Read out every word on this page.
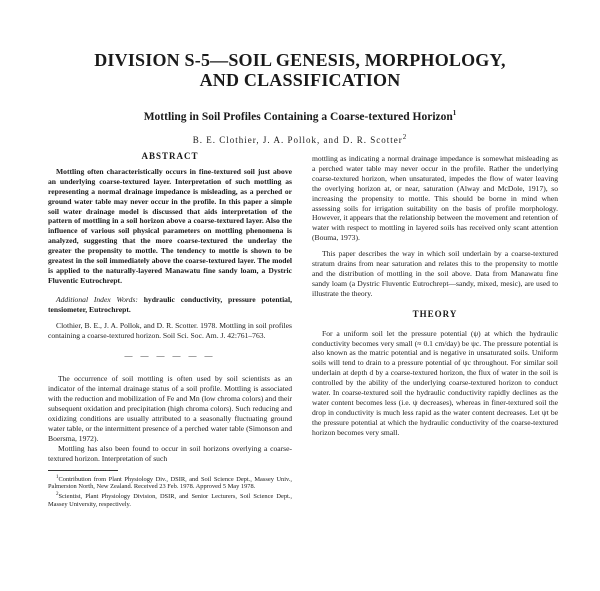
DIVISION S-5—SOIL GENESIS, MORPHOLOGY,
AND CLASSIFICATION
Mottling in Soil Profiles Containing a Coarse-textured Horizon$^1$
B. E. Clothier, J. A. Pollok, and D. R. Scotter$^2$
ABSTRACT

Mottling often characteristically occurs in fine-textured soil just above an underlying coarse-textured layer. Interpretation of such mottling as representing a normal drainage impedance is misleading, as a perched or ground water table may never occur in the profile. In this paper a simple soil water drainage model is discussed that aids interpretation of the pattern of mottling in a soil horizon above a coarse-textured layer. Also the influence of various soil physical parameters on mottling phenomena is analyzed, suggesting that the more coarse-textured the underlay the greater the propensity to mottle. The tendency to mottle is shown to be greatest in the soil immediately above the coarse-textured layer. The model is applied to the naturally-layered Manawatu fine sandy loam, a Dystric Fluventic Eutrochrept.

Additional Index Words: hydraulic conductivity, pressure potential, tensiometer, Eutrochrept.

Clothier, B. E., J. A. Pollok, and D. R. Scotter. 1978. Mottling in soil profiles containing a coarse-textured horizon. Soil Sci. Soc. Am. J. 42:761–763.

— — — — — —

The occurrence of soil mottling is often used by soil scientists as an indicator of the internal drainage status of a soil profile. Mottling is associated with the reduction and mobilization of Fe and Mn (low chroma colors) and their subsequent oxidation and precipitation (high chroma colors). Such reducing and oxidizing conditions are usually attributed to a seasonally fluctuating ground water table, or the intermittent presence of a perched water table (Simonson and Boersma, 1972).

Mottling has also been found to occur in soil horizons overlying a coarse-textured horizon. Interpretation of such

$^1$Contribution from Plant Physiology Div., DSIR, and Soil Science Dept., Massey Univ., Palmerston North, New Zealand. Received 23 Feb. 1978. Approved 5 May 1978.

$^2$Scientist, Plant Physiology Division, DSIR, and Senior Lecturers, Soil Science Dept., Massey University, respectively.

mottling as indicating a normal drainage impedance is somewhat misleading as a perched water table may never occur in the profile. Rather the underlying coarse-textured horizon, when unsaturated, impedes the flow of water leaving the overlying horizon at, or near, saturation (Alway and McDole, 1917), so increasing the propensity to mottle. This should be borne in mind when assessing soils for irrigation suitability on the basis of profile morphology. However, it appears that the relationship between the movement and retention of water with respect to mottling in layered soils has received only scant attention (Bouma, 1973).

This paper describes the way in which soil underlain by a coarse-textured stratum drains from near saturation and relates this to the propensity to mottle and the distribution of mottling in the soil above. Data from Manawatu fine sandy loam (a Dystric Fluventic Eutrochrept—sandy, mixed, mesic), are used to illustrate the theory.

THEORY

For a uniform soil let the pressure potential (ψ) at which the hydraulic conductivity becomes very small (≈ 0.1 cm/day) be ψc. The pressure potential is also known as the matric potential and is negative in unsaturated soils. Uniform soils will tend to drain to a pressure potential of ψc throughout. For similar soil underlain at depth d by a coarse-textured horizon, the flux of water in the soil is controlled by the ability of the underlying coarse-textured horizon to conduct water. In coarse-textured soil the hydraulic conductivity rapidly declines as the water content becomes less (i.e. ψ decreases), whereas in finer-textured soil the drop in conductivity is much less rapid as the water content decreases. Let ψt be the pressure potential at which the hydraulic conductivity of the coarse-textured horizon becomes very small.
